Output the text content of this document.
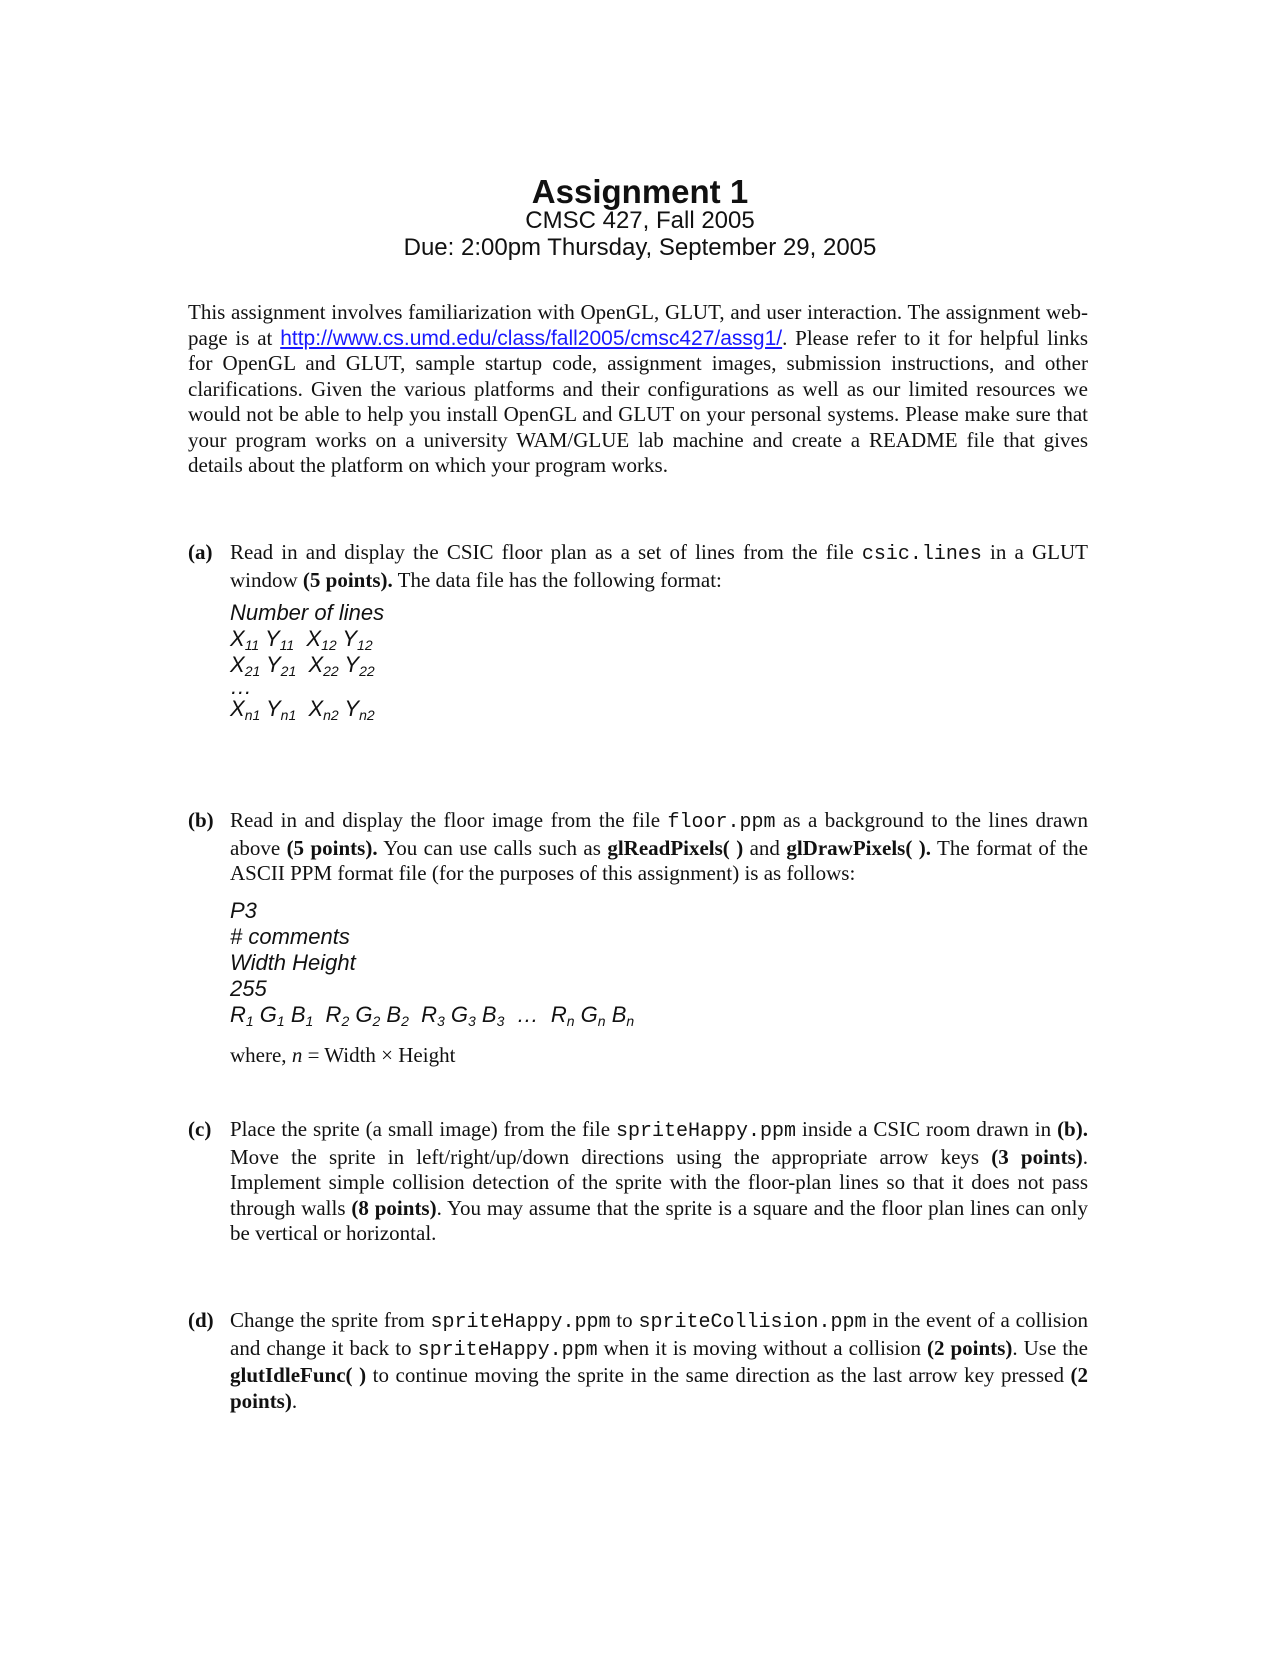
Assignment 1
CMSC 427, Fall 2005
Due: 2:00pm Thursday, September 29, 2005
This assignment involves familiarization with OpenGL, GLUT, and user interaction. The assignment web-page is at http://www.cs.umd.edu/class/fall2005/cmsc427/assg1/. Please refer to it for helpful links for OpenGL and GLUT, sample startup code, assignment images, submission instructions, and other clarifications. Given the various platforms and their configurations as well as our limited resources we would not be able to help you install OpenGL and GLUT on your personal systems. Please make sure that your program works on a university WAM/GLUE lab machine and create a README file that gives details about the platform on which your program works.
(a) Read in and display the CSIC floor plan as a set of lines from the file csic.lines in a GLUT window (5 points). The data file has the following format:
Number of lines
$X_{11}$ $Y_{11}$  $X_{12}$ $Y_{12}$
$X_{21}$ $Y_{21}$  $X_{22}$ $Y_{22}$
…
$X_{n1}$ $Y_{n1}$  $X_{n2}$ $Y_{n2}$
(b) Read in and display the floor image from the file floor.ppm as a background to the lines drawn above (5 points). You can use calls such as glReadPixels( ) and glDrawPixels( ). The format of the ASCII PPM format file (for the purposes of this assignment) is as follows:
P3
# comments
Width Height
255
$R_1$ $G_1$ $B_1$  $R_2$ $G_2$ $B_2$  $R_3$ $G_3$ $B_3$  …  $R_n$ $G_n$ $B_n$
where, n = Width × Height
(c) Place the sprite (a small image) from the file spriteHappy.ppm inside a CSIC room drawn in (b). Move the sprite in left/right/up/down directions using the appropriate arrow keys (3 points). Implement simple collision detection of the sprite with the floor-plan lines so that it does not pass through walls (8 points). You may assume that the sprite is a square and the floor plan lines can only be vertical or horizontal.
(d) Change the sprite from spriteHappy.ppm to spriteCollision.ppm in the event of a collision and change it back to spriteHappy.ppm when it is moving without a collision (2 points). Use the glutIdleFunc( ) to continue moving the sprite in the same direction as the last arrow key pressed (2 points).
